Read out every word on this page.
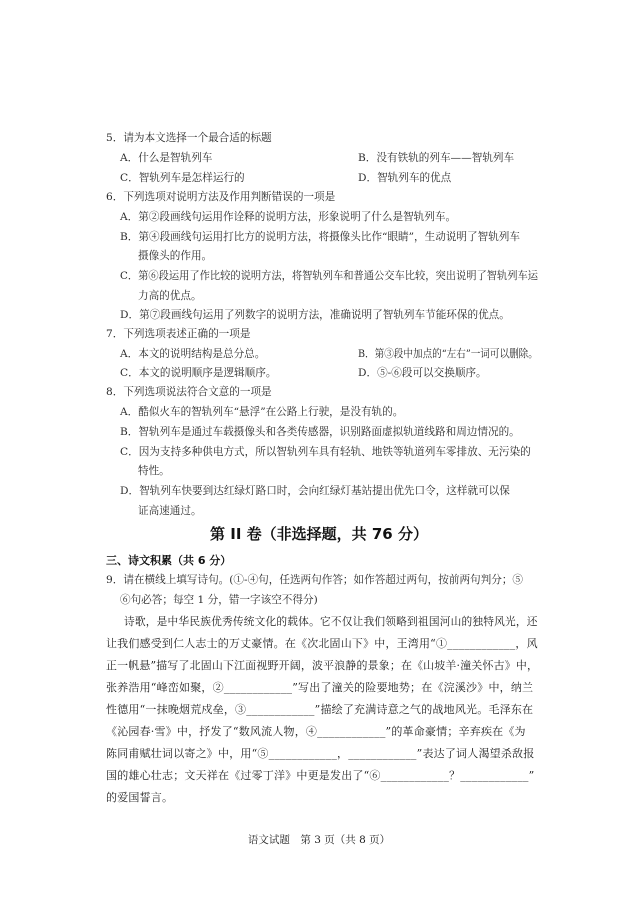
5．请为本文选择一个最合适的标题
A．什么是智轨列车	B．没有铁轨的列车——智轨列车
C．智轨列车是怎样运行的	D．智轨列车的优点
6．下列选项对说明方法及作用判断错误的一项是
A．第②段画线句运用作诠释的说明方法，形象说明了什么是智轨列车。
B．第④段画线句运用打比方的说明方法，将摄像头比作“眼睛”，生动说明了智轨列车
摄像头的作用。
C．第⑥段运用了作比较的说明方法，将智轨列车和普通公交车比较，突出说明了智轨列车运
力高的优点。
D．第⑦段画线句运用了列数字的说明方法，准确说明了智轨列车节能环保的优点。
7．下列选项表述正确的一项是
A．本文的说明结构是总分总。	B．第③段中加点的“左右”一词可以删除。
C．本文的说明顺序是逻辑顺序。	D．⑤-⑥段可以交换顺序。
8．下列选项说法符合文意的一项是
A．酷似火车的智轨列车“悬浮”在公路上行驶，是没有轨的。
B．智轨列车是通过车载摄像头和各类传感器，识别路面虚拟轨道线路和周边情况的。
C．因为支持多种供电方式，所以智轨列车具有轻轨、地铁等轨道列车零排放、无污染的
特性。
D．智轨列车快要到达红绿灯路口时，会向红绿灯基站提出优先口令，这样就可以保
证高速通过。
第 II 卷（非选择题，共 76 分）
三、诗文积累（共 6 分）
9．请在横线上填写诗句。(①-④句，任选两句作答；如作答超过两句，按前两句判分；⑤
⑥句必答；每空 1 分，错一字该空不得分)
诗歌，是中华民族优秀传统文化的载体。它不仅让我们领略到祖国河山的独特风光，还
让我们感受到仁人志士的万丈豪情。在《次北固山下》中，王湾用“①____________，风
正一帆悬”描写了北固山下江面视野开阔，波平浪静的景象；在《山坡羊·潼关怀古》中，
张养浩用“峰峦如聚，②____________”写出了潼关的险要地势；在《浣溪沙》中，纳兰
性德用“一抹晚烟荒戍垒，③____________”描绘了充满诗意之气的战地风光。毛泽东在
《沁园春·雪》中，抒发了“数风流人物，④____________”的革命豪情；辛弃疾在《为
陈同甫赋壮词以寄之》中，用“⑤____________，____________”表达了词人渴望杀敌报
国的雄心壮志；文天祥在《过零丁洋》中更是发出了“⑥____________？____________”
的爱国誓言。
语文试题　第 3 页（共 8 页）
